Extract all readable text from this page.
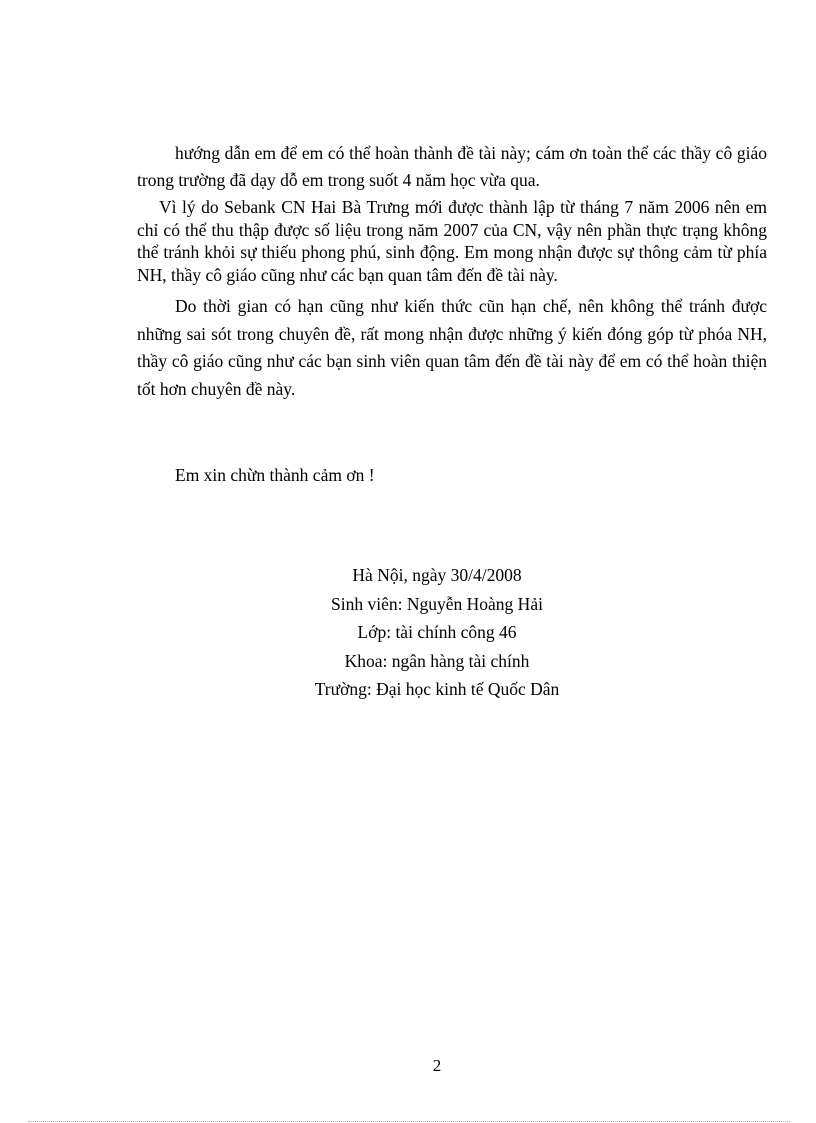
hướng dẫn em để em có thể hoàn thành đề tài này; cám ơn toàn thể các thầy cô giáo trong trường đã dạy dỗ em trong suốt 4 năm học vừa qua.

Vì lý do Sebank CN Hai Bà Trưng mới được thành lập từ tháng 7 năm 2006 nên em chỉ có thể thu thập được số liệu trong năm 2007 của CN, vậy nên phần thực trạng không thể tránh khỏi sự thiếu phong phú, sinh động. Em mong nhận được sự thông cảm từ phía NH, thầy cô giáo cũng như các bạn quan tâm đến đề tài này.

Do thời gian có hạn cũng như kiến thức cũn hạn chế, nên không thể tránh được những sai sót trong chuyên đề, rất mong nhận được những ý kiến đóng góp từ phóa NH, thầy cô giáo cũng như các bạn sinh viên quan tâm đến đề tài này để em có thể hoàn thiện tốt hơn chuyên đề này.

Em xin chừn thành cảm ơn !

Hà Nội, ngày 30/4/2008

Sinh viên: Nguyễn Hoàng Hải

Lớp: tài chính công 46

Khoa: ngân hàng tài chính

Trường: Đại học kinh tế Quốc Dân

2
